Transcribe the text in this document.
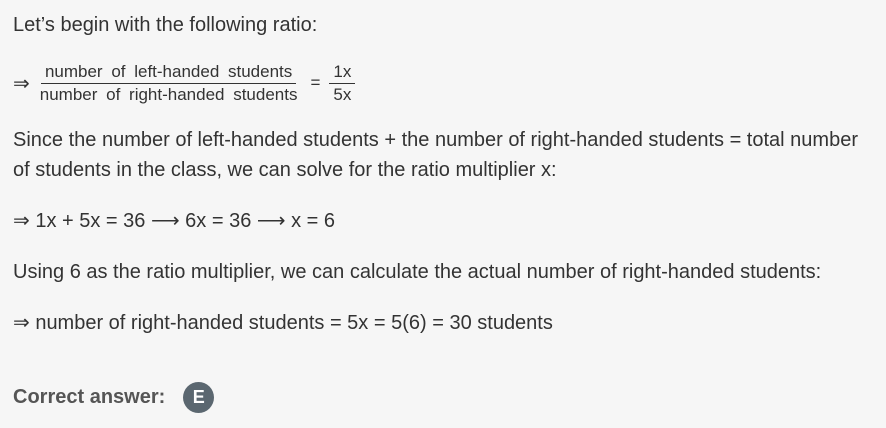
Let’s begin with the following ratio:
⇒ $\frac{\text{number of left-handed students}}{\text{number of right-handed students}} = \frac{1x}{5x}$
Since the number of left-handed students + the number of right-handed students = total number of students in the class, we can solve for the ratio multiplier x:
⇒ 1x + 5x = 36 ⟶ 6x = 36 ⟶ x = 6
Using 6 as the ratio multiplier, we can calculate the actual number of right-handed students:
⇒ number of right-handed students = 5x = 5(6) = 30 students
Correct answer:	E
